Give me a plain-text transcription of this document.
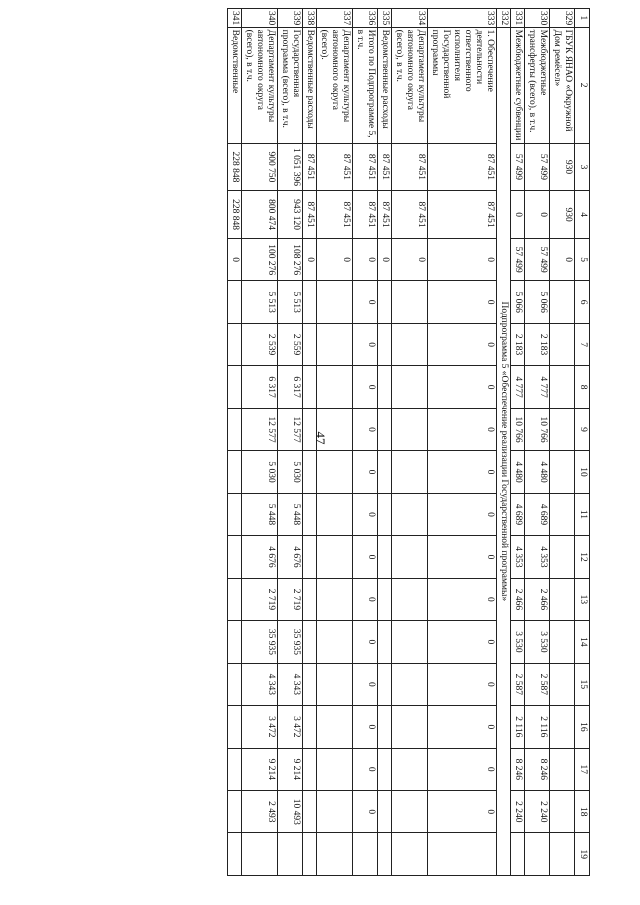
47
1	2	3	4	5	6	7	8	9	10	11	12	13	14	15	16	17	18	19
329	ГБУК ЯНАО «Окружной Дом ремёсел»	930	930	0														
330	Межбюджетные трансферты (всего), в т.ч.	57 499	0	57 499	5 066	2 183	4 777	10 766	4 480	4 689	4 353	2 466	3 530	2 587	2 116	8 246	2 240	
331	Межбюджетные субвенции	57 499	0	57 499	5 066	2 183	4 777	10 766	4 480	4 689	4 353	2 466	3 530	2 587	2 116	8 246	2 240	
332	Подпрограмма 5 «Обеспечение реализации Государственной программы»																	
333	1. Обеспечение деятельности ответственного исполнителя Государственной программы	87 451	87 451	0	0	0	0	0	0	0	0	0	0	0	0	0	0	
334	Департамент культуры автономного округа (всего), в т.ч.	87 451	87 451	0														
335	Ведомственные расходы	87 451	87 451	0														
336	Итого по Подпрограмме 5, в т.ч.	87 451	87 451	0	0	0	0	0	0	0	0	0	0	0	0	0	0	
337	Департамент культуры автономного округа (всего).	87 451	87 451	0														
338	Ведомственные расходы	87 451	87 451	0														
339	Государственная программа (всего), в т.ч.	1 051 396	943 120	108 276	5 513	2 559	6 317	12 577	5 030	5 448	4 676	2 719	35 935	4 343	3 472	9 214	10 493	
340	Департамент культуры автономного округа (всего), в т.ч.	900 750	800 474	100 276	5 513	2 539	6 317	12 577	5 030	5 448	4 676	2 719	35 935	4 343	3 472	9 214	2 493	
341	Ведомственные	228 848	228 848	0														
